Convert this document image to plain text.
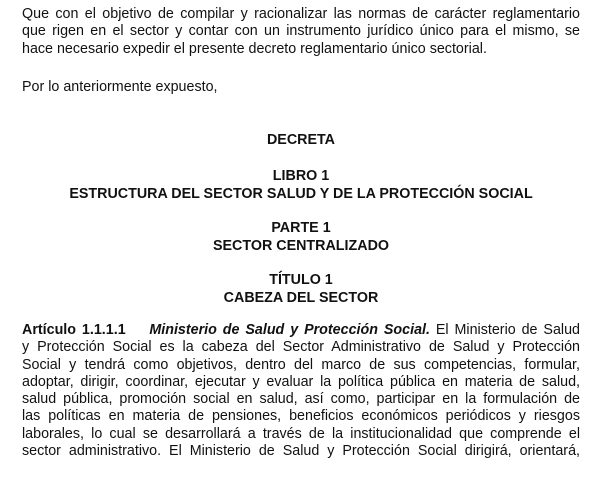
Que con el objetivo de compilar y racionalizar las normas de carácter reglamentario
que rigen en el sector y contar con un instrumento jurídico único para el mismo, se
hace necesario expedir el presente decreto reglamentario único sectorial.

Por lo anteriormente expuesto,

DECRETA

LIBRO 1

ESTRUCTURA DEL SECTOR SALUD Y DE LA PROTECCIÓN SOCIAL

PARTE 1

SECTOR CENTRALIZADO

TÍTULO 1

CABEZA DEL SECTOR

Artículo 1.1.1.1 Ministerio de Salud y Protección Social. El Ministerio de Salud
y Protección Social es la cabeza del Sector Administrativo de Salud y Protección
Social y tendrá como objetivos, dentro del marco de sus competencias, formular,
adoptar, dirigir, coordinar, ejecutar y evaluar la política pública en materia de salud,
salud pública, promoción social en salud, así como, participar en la formulación de
las políticas en materia de pensiones, beneficios económicos periódicos y riesgos
laborales, lo cual se desarrollará a través de la institucionalidad que comprende el
sector administrativo. El Ministerio de Salud y Protección Social dirigirá, orientará,
